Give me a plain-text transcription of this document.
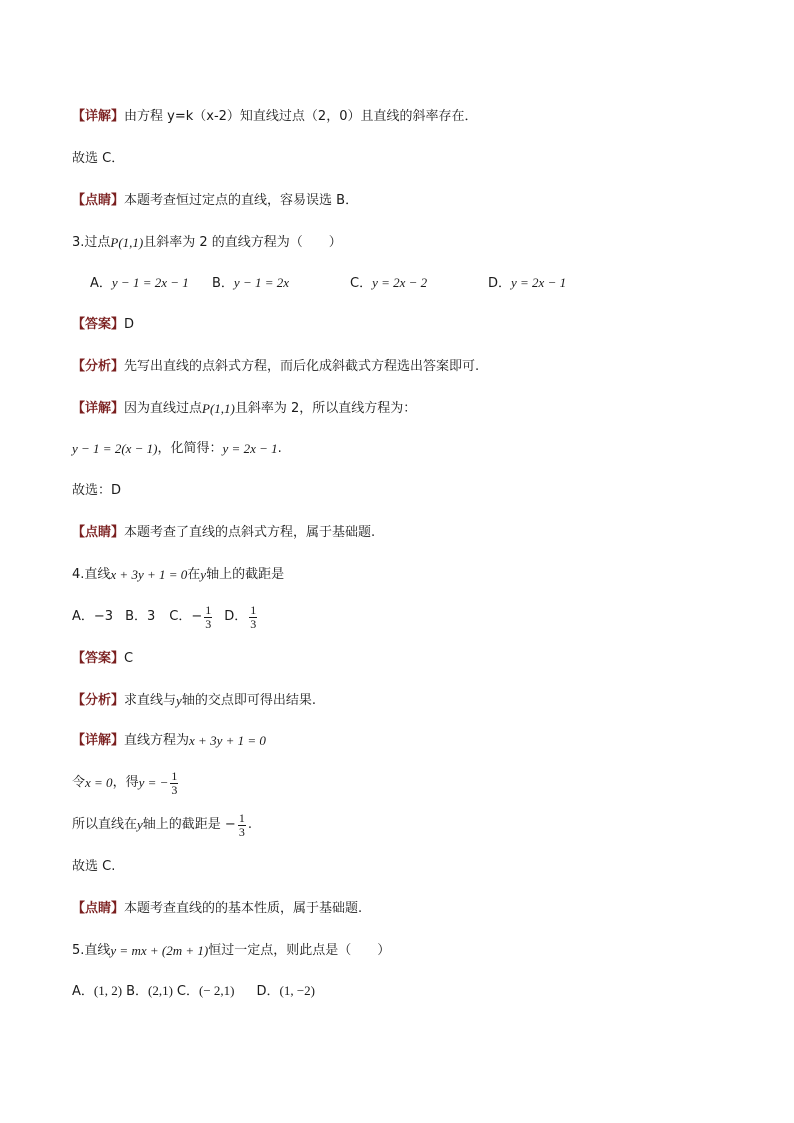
【详解】 由方程 y=k（x-2）知直线过点（2，0）且直线的斜率存在．
故选 C．
【点睛】 本题考查恒过定点的直线，容易误选 B．
3.过点 P(1,1) 且斜率为 2 的直线方程为（　　）
A．y − 1 = 2x − 1	B．y − 1 = 2x	C．y = 2x − 2	D．y = 2x − 1
【答案】 D
【分析】 先写出直线的点斜式方程，而后化成斜截式方程选出答案即可.
【详解】 因为直线过点 P(1,1) 且斜率为 2，所以直线方程为：
y − 1 = 2(x − 1) ，化简得： y = 2x − 1 .
故选：D
【点睛】 本题考查了直线的点斜式方程，属于基础题.
4.直线 x + 3y + 1 = 0 在 y 轴上的截距是
A．−3 B．3 C．− $\frac{1}{3}$ D． $\frac{1}{3}$
【答案】 C
【分析】 求直线与 y 轴的交点即可得出结果.
【详解】 直线方程为 x + 3y + 1 = 0
令 x = 0 ，得 y = − $\frac{1}{3}$
所以直线在 y 轴上的截距是 − $\frac{1}{3}$ .
故选 C.
【点睛】 本题考查直线的的基本性质，属于基础题.
5.直线 y = mx + (2m + 1) 恒过一定点，则此点是（　　）
A．(1, 2) B．(2,1) C．(− 2,1) D．(1, −2)
